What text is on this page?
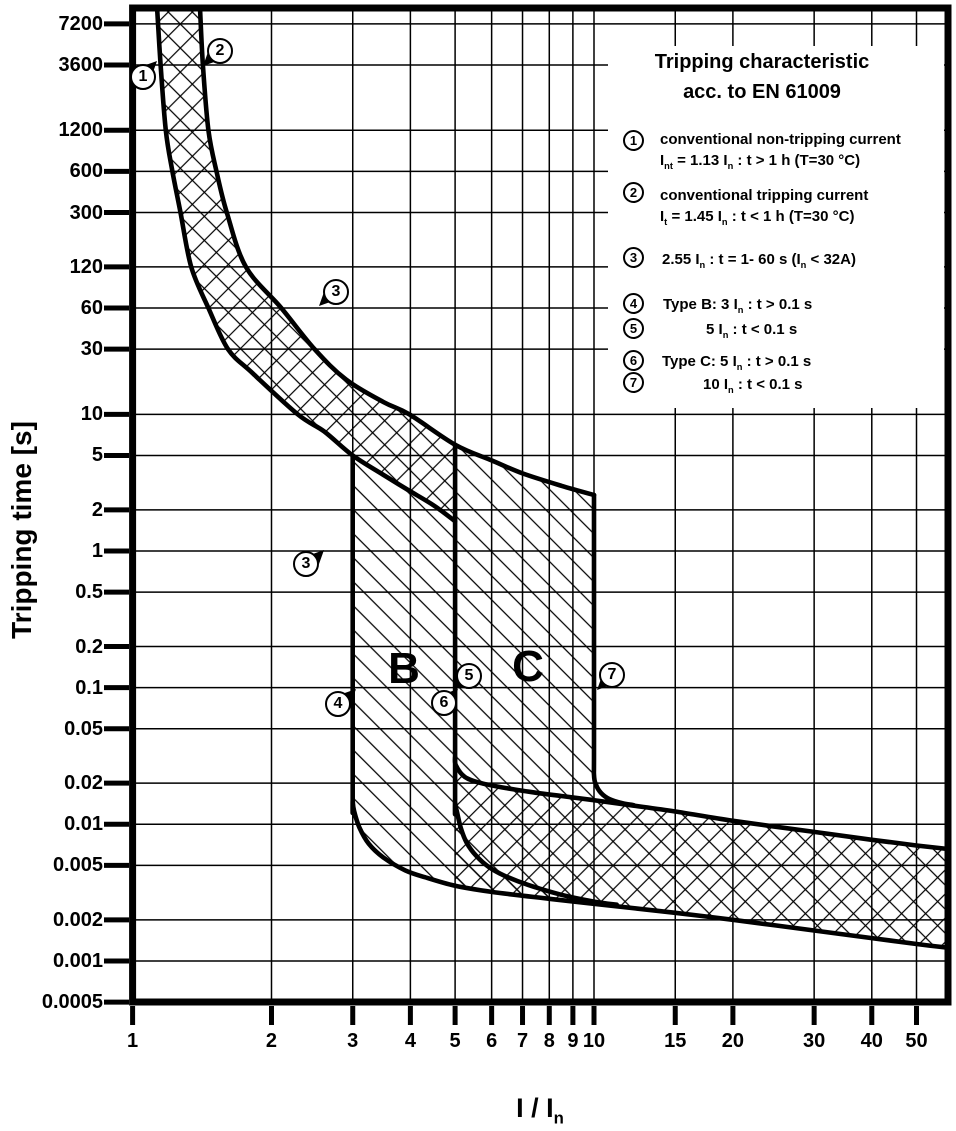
Tripping characteristic
acc. to EN 61009
7200
3600
1200
600
300
120
60
30
10
5
2
1
0.5
0.2
0.1
0.05
0.02
0.01
0.005
0.002
0.001
0.0005
1	2	3	4	5	6 7 8 9 10	15	20	30	40	50
Tripping time [s]
I / $I_n$
B	C
1
2
3
3
4
5
6
7
1	conventional non-tripping current
$I_{nt} = 1.13$ $I_n$ : t > 1 h (T=30 °C)
2	conventional tripping current
$I_t = 1.45$ $I_n$ : t < 1 h (T=30 °C)
3	2.55 $I_n$ : t = 1- 60 s $(I_n < 32A)$
4	Type B: 3 $I_n$ : t > 0.1 s
5	5 $I_n$ : t < 0.1 s
6	Type C: 5 $I_n$ : t > 0.1 s
7	10 $I_n$ : t < 0.1 s
